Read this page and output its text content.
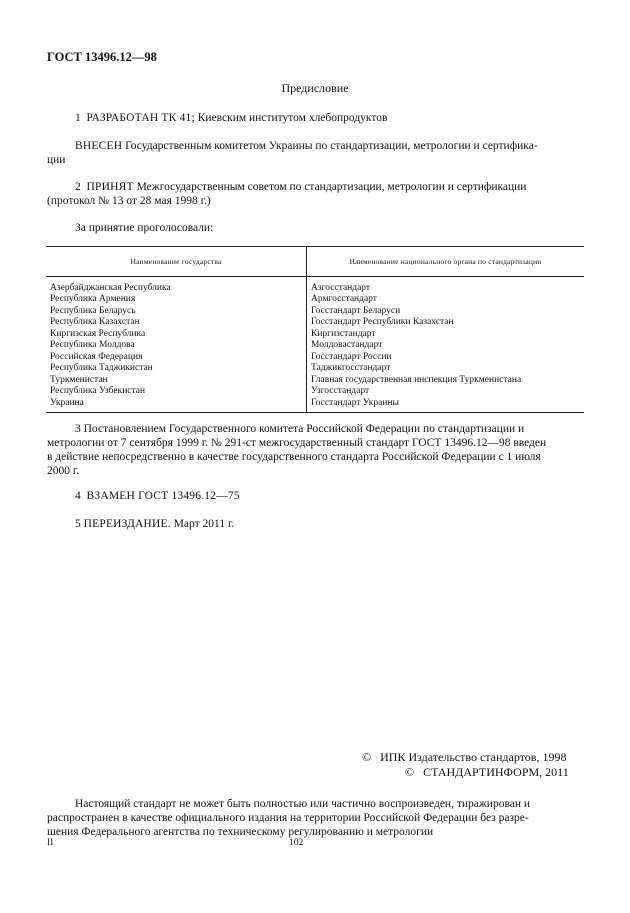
ГОСТ 13496.12—98
Предисловие
1 РАЗРАБОТАН ТК 41; Киевским институтом хлебопродуктов
ВНЕСЕН Государственным комитетом Украины по стандартизации, метрологии и сертифика-
ции
2 ПРИНЯТ Межгосударственным советом по стандартизации, метрологии и сертификации
(протокол № 13 от 28 мая 1998 г.)
За принятие проголосовали:
Наименование государства	Наименование национального органа по стандартизации
Азербайджанская Республика	Азгосстандарт
Республика Армения	Армгосстандарт
Республика Беларусь	Госстандарт Беларуси
Республика Казахстан	Госстандарт Республики Казахстан
Киргизская Республика	Киргизстандарт
Республика Молдова	Молдовастандарт
Российская Федерация	Госстандарт России
Республика Таджикистан	Таджикгосстандарт
Туркменистан	Главная государственная инспекция Туркменистана
Республика Узбекистан	Узгосстандарт
Украина	Госстандарт Украины
3 Постановлением Государственного комитета Российской Федерации по стандартизации и
метрологии от 7 сентября 1999 г. № 291-ст межгосударственный стандарт ГОСТ 13496.12—98 введен
в действие непосредственно в качестве государственного стандарта Российской Федерации с 1 июля
2000 г.
4 ВЗАМЕН ГОСТ 13496.12—75
5 ПЕРЕИЗДАНИЕ. Март 2011 г.
©   ИПК Издательство стандартов, 1998
©   СТАНДАРТИНФОРМ, 2011
Настоящий стандарт не может быть полностью или частично воспроизведен, тиражирован и
распространен в качестве официального издания на территории Российской Федерации без разре-
шения Федерального агентства по техническому регулированию и метрологии
II	102
